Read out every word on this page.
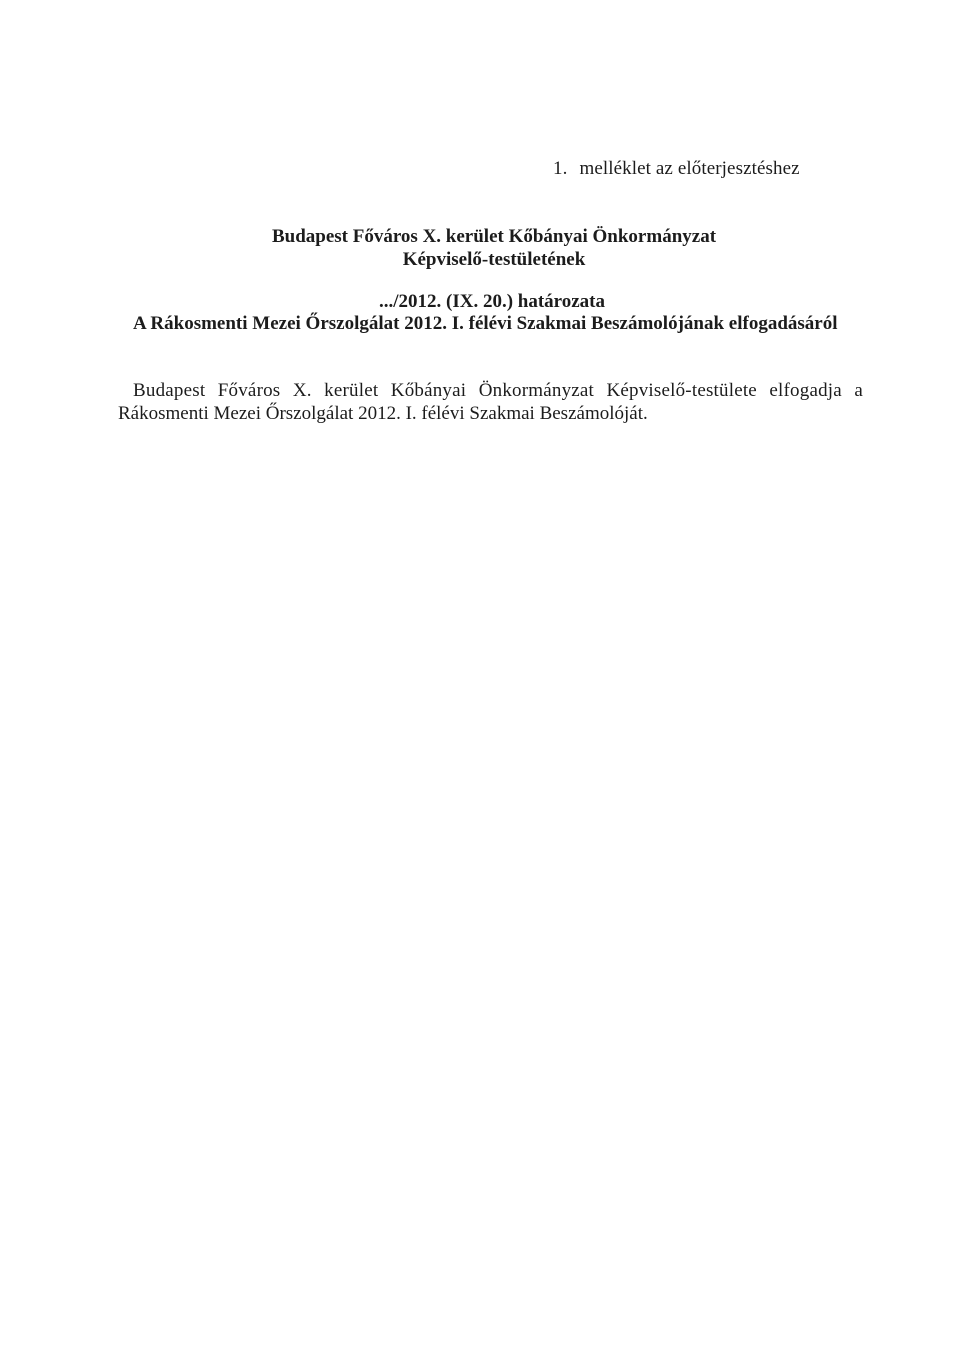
1. melléklet az előterjesztéshez
Budapest Főváros X. kerület Kőbányai Önkormányzat
Képviselő-testületének
.../2012. (IX. 20.) határozata
A Rákosmenti Mezei Őrszolgálat 2012. I. félévi Szakmai Beszámolójának elfogadásáról
Budapest Főváros X. kerület Kőbányai Önkormányzat Képviselő-testülete elfogadja a
Rákosmenti Mezei Őrszolgálat 2012. I. félévi Szakmai Beszámolóját.
